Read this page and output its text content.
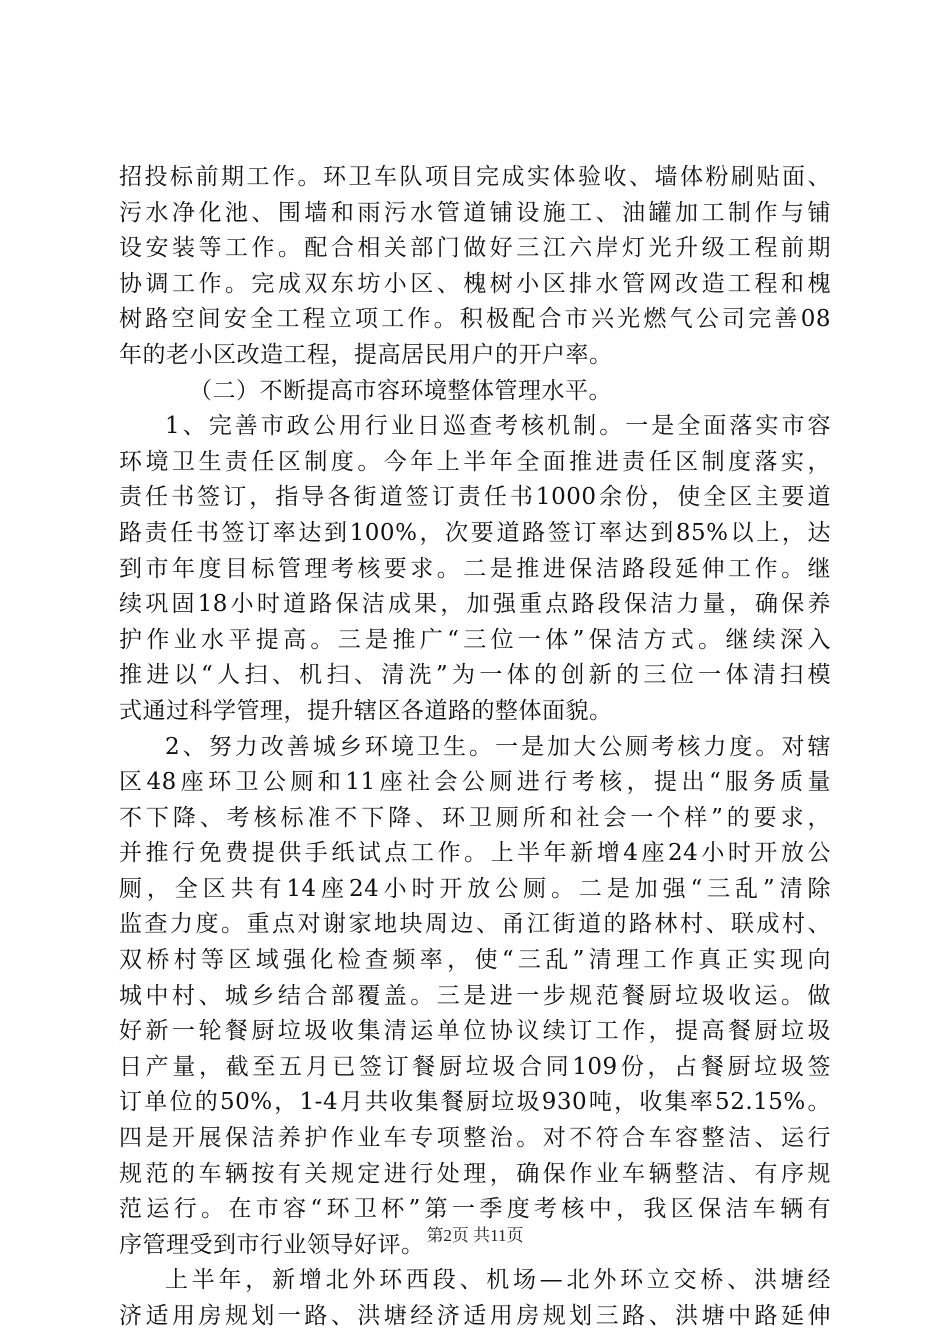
招投标前期工作。环卫车队项目完成实体验收、墙体粉刷贴面、
污水净化池、围墙和雨污水管道铺设施工、油罐加工制作与铺
设安装等工作。配合相关部门做好三江六岸灯光升级工程前期
协调工作。完成双东坊小区、槐树小区排水管网改造工程和槐
树路空间安全工程立项工作。积极配合市兴光燃气公司完善08
年的老小区改造工程，提高居民用户的开户率。
（二）不断提高市容环境整体管理水平。
1、完善市政公用行业日巡查考核机制。一是全面落实市容
环境卫生责任区制度。今年上半年全面推进责任区制度落实，
责任书签订，指导各街道签订责任书1000余份，使全区主要道
路责任书签订率达到100%，次要道路签订率达到85%以上，达
到市年度目标管理考核要求。二是推进保洁路段延伸工作。继
续巩固18小时道路保洁成果，加强重点路段保洁力量，确保养
护作业水平提高。三是推广“三位一体”保洁方式。继续深入
推进以“人扫、机扫、清洗”为一体的创新的三位一体清扫模
式通过科学管理，提升辖区各道路的整体面貌。
2、努力改善城乡环境卫生。一是加大公厕考核力度。对辖
区48座环卫公厕和11座社会公厕进行考核，提出“服务质量
不下降、考核标准不下降、环卫厕所和社会一个样”的要求，
并推行免费提供手纸试点工作。上半年新增4座24小时开放公
厕，全区共有14座24小时开放公厕。二是加强“三乱”清除
监查力度。重点对谢家地块周边、甬江街道的路林村、联成村、
双桥村等区域强化检查频率，使“三乱”清理工作真正实现向
城中村、城乡结合部覆盖。三是进一步规范餐厨垃圾收运。做
好新一轮餐厨垃圾收集清运单位协议续订工作，提高餐厨垃圾
日产量，截至五月已签订餐厨垃圾合同109份，占餐厨垃圾签
订单位的50%，1-4月共收集餐厨垃圾930吨，收集率52.15%。
四是开展保洁养护作业车专项整治。对不符合车容整洁、运行
规范的车辆按有关规定进行处理，确保作业车辆整洁、有序规
范运行。在市容“环卫杯”第一季度考核中，我区保洁车辆有
序管理受到市行业领导好评。
上半年，新增北外环西段、机场—北外环立交桥、洪塘经
济适用房规划一路、洪塘经济适用房规划三路、洪塘中路延伸
第2页 共11页
